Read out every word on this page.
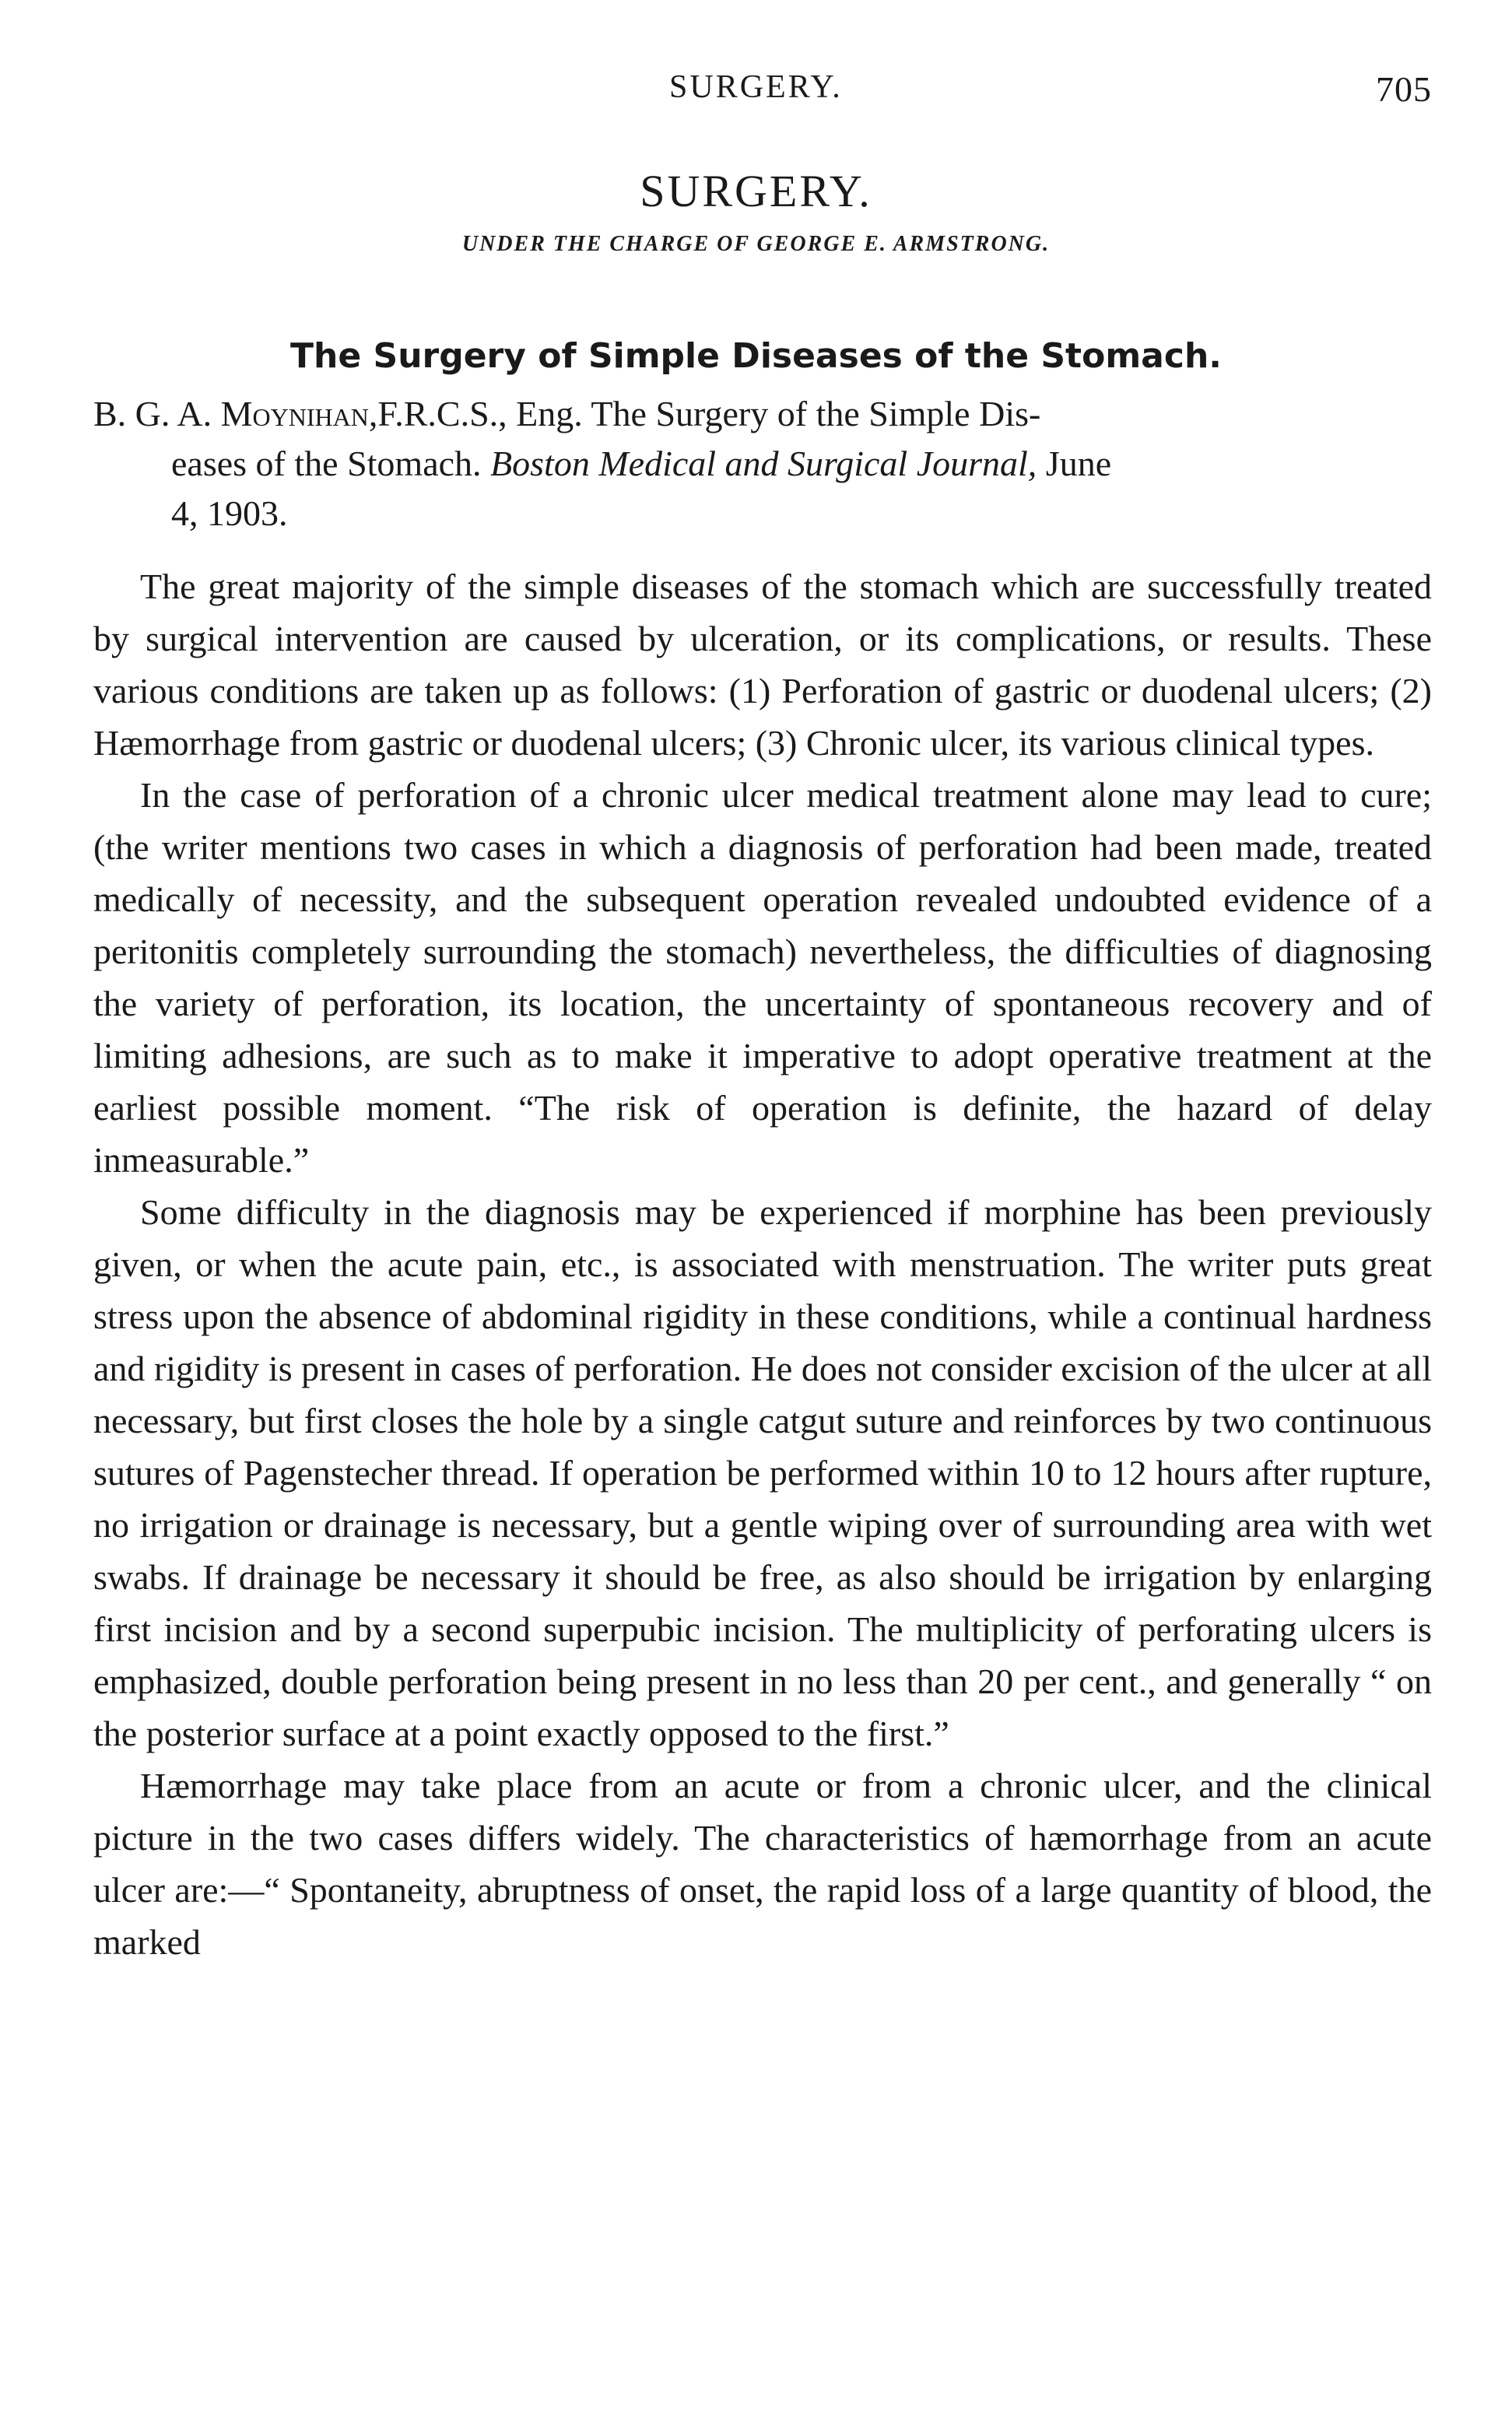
SURGERY.	705
SURGERY.
UNDER THE CHARGE OF GEORGE E. ARMSTRONG.
The Surgery of Simple Diseases of the Stomach.
B. G. A. Moynihan,F.R.C.S., Eng. The Surgery of the Simple Dis-
eases of the Stomach. Boston Medical and Surgical Journal, June
4, 1903.

The great majority of the simple diseases of the stomach which are successfully treated by surgical intervention are caused by ulceration, or its complications, or results. These various conditions are taken up as follows: (1) Perforation of gastric or duodenal ulcers; (2) Hæmorrhage from gastric or duodenal ulcers; (3) Chronic ulcer, its various clinical types.

In the case of perforation of a chronic ulcer medical treatment alone may lead to cure; (the writer mentions two cases in which a diagnosis of perforation had been made, treated medically of necessity, and the subsequent operation revealed undoubted evidence of a peritonitis completely surrounding the stomach) nevertheless, the difficulties of diagnosing the variety of perforation, its location, the uncertainty of spontaneous recovery and of limiting adhesions, are such as to make it imperative to adopt operative treatment at the earliest possible moment. “The risk of operation is definite, the hazard of delay inmeasurable.”

Some difficulty in the diagnosis may be experienced if morphine has been previously given, or when the acute pain, etc., is associated with menstruation. The writer puts great stress upon the absence of abdominal rigidity in these conditions, while a continual hardness and rigidity is present in cases of perforation. He does not consider excision of the ulcer at all necessary, but first closes the hole by a single catgut suture and reinforces by two continuous sutures of Pagenstecher thread. If operation be performed within 10 to 12 hours after rupture, no irrigation or drainage is necessary, but a gentle wiping over of surrounding area with wet swabs. If drainage be necessary it should be free, as also should be irrigation by enlarging first incision and by a second superpubic incision. The multiplicity of perforating ulcers is emphasized, double perforation being present in no less than 20 per cent., and generally “ on the posterior surface at a point exactly opposed to the first.”

Hæmorrhage may take place from an acute or from a chronic ulcer, and the clinical picture in the two cases differs widely. The characteristics of hæmorrhage from an acute ulcer are:—“ Spontaneity, abruptness of onset, the rapid loss of a large quantity of blood, the marked
